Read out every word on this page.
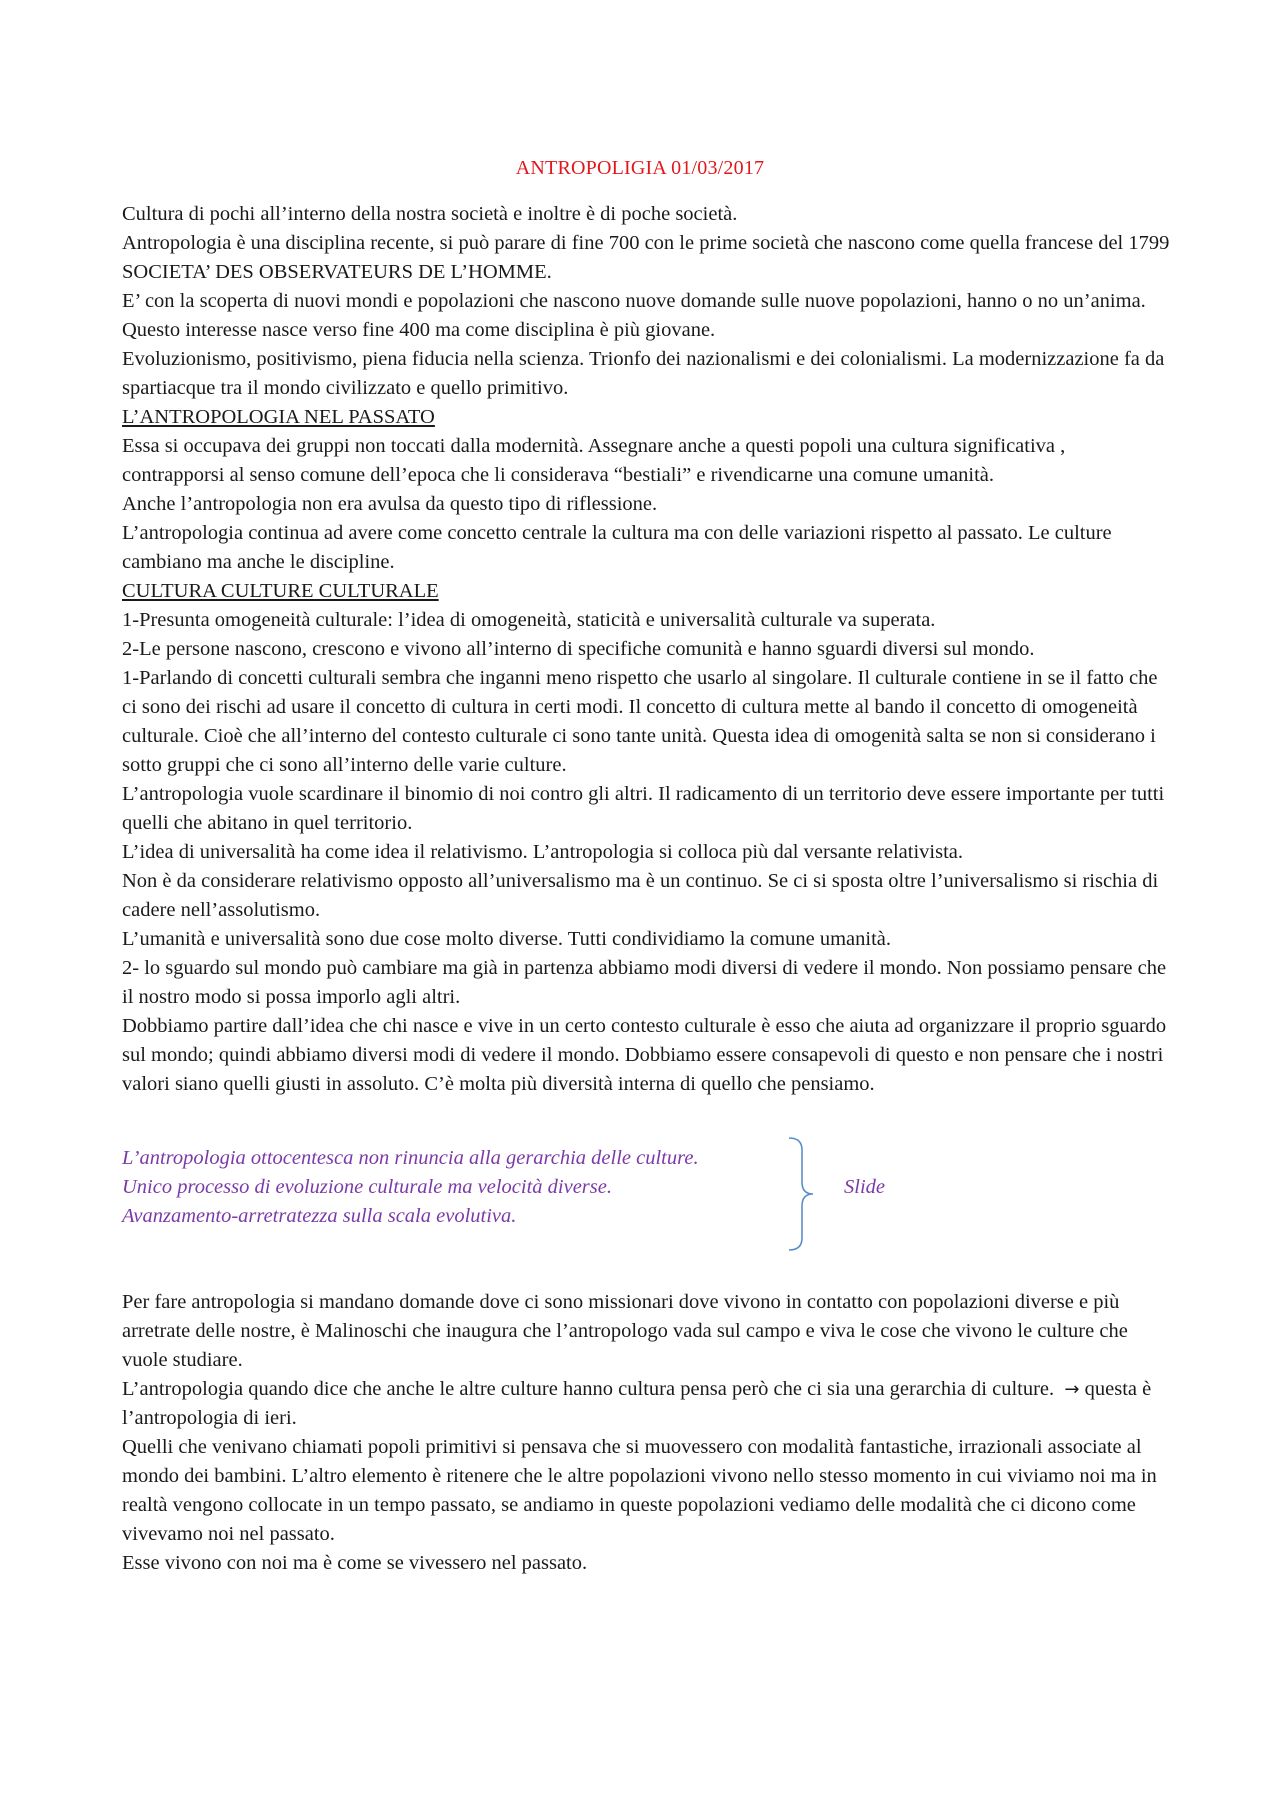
ANTROPOLIGIA 01/03/2017

Cultura di pochi all’interno della nostra società e inoltre è di poche società.

Antropologia è una disciplina recente, si può parare di fine 700 con le prime società che nascono come quella francese del 1799 SOCIETA’ DES OBSERVATEURS DE L’HOMME.

E’ con la scoperta di nuovi mondi e popolazioni che nascono nuove domande sulle nuove popolazioni, hanno o no un’anima. Questo interesse nasce verso fine 400 ma come disciplina è più giovane.

Evoluzionismo, positivismo, piena fiducia nella scienza. Trionfo dei nazionalismi e dei colonialismi. La modernizzazione fa da spartiacque tra il mondo civilizzato e quello primitivo.

L’ANTROPOLOGIA NEL PASSATO

Essa si occupava dei gruppi non toccati dalla modernità. Assegnare anche a questi popoli una cultura significativa , contrapporsi al senso comune dell’epoca che li considerava “bestiali” e rivendicarne una comune umanità.

Anche l’antropologia non era avulsa da questo tipo di riflessione.

L’antropologia continua ad avere come concetto centrale la cultura ma con delle variazioni rispetto al passato. Le culture cambiano ma anche le discipline.

CULTURA CULTURE CULTURALE

1-Presunta omogeneità culturale: l’idea di omogeneità, staticità e universalità culturale va superata.

2-Le persone nascono, crescono e vivono all’interno di specifiche comunità e hanno sguardi diversi sul mondo.

1-Parlando di concetti culturali sembra che inganni meno rispetto che usarlo al singolare. Il culturale contiene in se il fatto che ci sono dei rischi ad usare il concetto di cultura in certi modi. Il concetto di cultura mette al bando il concetto di omogeneità culturale. Cioè che all’interno del contesto culturale ci sono tante unità. Questa idea di omogenità salta se non si considerano i sotto gruppi che ci sono all’interno delle varie culture.

L’antropologia vuole scardinare il binomio di noi contro gli altri. Il radicamento di un territorio deve essere importante per tutti quelli che abitano in quel territorio.

L’idea di universalità ha come idea il relativismo. L’antropologia si colloca più dal versante relativista.

Non è da considerare relativismo opposto all’universalismo ma è un continuo. Se ci si sposta oltre l’universalismo si rischia di cadere nell’assolutismo.

L’umanità e universalità sono due cose molto diverse. Tutti condividiamo la comune umanità.

2- lo sguardo sul mondo può cambiare ma già in partenza abbiamo modi diversi di vedere il mondo. Non possiamo pensare che il nostro modo si possa imporlo agli altri.

Dobbiamo partire dall’idea che chi nasce e vive in un certo contesto culturale è esso che aiuta ad organizzare il proprio sguardo sul mondo; quindi abbiamo diversi modi di vedere il mondo. Dobbiamo essere consapevoli di questo e non pensare che i nostri valori siano quelli giusti in assoluto. C’è molta più diversità interna di quello che pensiamo.

L’antropologia ottocentesca non rinuncia alla gerarchia delle culture.

Unico processo di evoluzione culturale ma velocità diverse.

Avanzamento-arretratezza sulla scala evolutiva.

Slide

Per fare antropologia si mandano domande dove ci sono missionari dove vivono in contatto con popolazioni diverse e più arretrate delle nostre, è Malinoschi che inaugura che l’antropologo vada sul campo e viva le cose che vivono le culture che vuole studiare.

L’antropologia quando dice che anche le altre culture hanno cultura pensa però che ci sia una gerarchia di culture. → questa è l’antropologia di ieri.

Quelli che venivano chiamati popoli primitivi si pensava che si muovessero con modalità fantastiche, irrazionali associate al mondo dei bambini. L’altro elemento è ritenere che le altre popolazioni vivono nello stesso momento in cui viviamo noi ma in realtà vengono collocate in un tempo passato, se andiamo in queste popolazioni vediamo delle modalità che ci dicono come vivevamo noi nel passato.

Esse vivono con noi ma è come se vivessero nel passato.
